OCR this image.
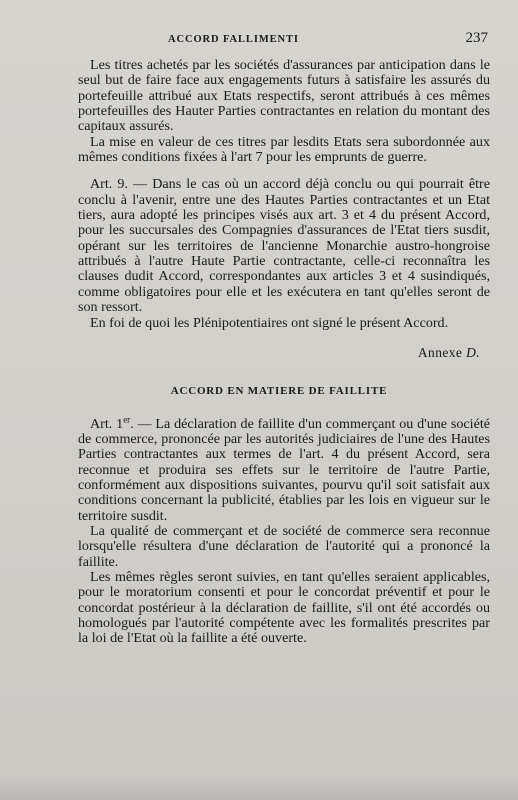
ACCORD FALLIMENTI	237

Les titres achetés par les sociétés d'assurances par anticipation dans le seul but de faire face aux engagements futurs à satisfaire les assurés du portefeuille attribué aux Etats respectifs, seront attribués à ces mêmes portefeuilles des Hauter Parties contractantes en relation du montant des capitaux assurés.

La mise en valeur de ces titres par lesdits Etats sera subordonnée aux mêmes conditions fixées à l'art 7 pour les emprunts de guerre.

Art. 9. — Dans le cas où un accord déjà conclu ou qui pourrait être conclu à l'avenir, entre une des Hautes Parties contractantes et un Etat tiers, aura adopté les principes visés aux art. 3 et 4 du présent Accord, pour les succursales des Compagnies d'assurances de l'Etat tiers susdit, opérant sur les territoires de l'ancienne Monarchie austro-hongroise attribués à l'autre Haute Partie contractante, celle-ci reconnaîtra les clauses dudit Accord, correspondantes aux articles 3 et 4 susindiqués, comme obligatoires pour elle et les exécutera en tant qu'elles seront de son ressort.

En foi de quoi les Plénipotentiaires ont signé le présent Accord.

Annexe D.
ACCORD EN MATIERE DE FAILLITE

Art. 1er. — La déclaration de faillite d'un commerçant ou d'une société de commerce, prononcée par les autorités judiciaires de l'une des Hautes Parties contractantes aux termes de l'art. 4 du présent Accord, sera reconnue et produira ses effets sur le territoire de l'autre Partie, conformément aux dispositions suivantes, pourvu qu'il soit satisfait aux conditions concernant la publicité, établies par les lois en vigueur sur le territoire susdit.

La qualité de commerçant et de société de commerce sera reconnue lorsqu'elle résultera d'une déclaration de l'autorité qui a prononcé la faillite.

Les mêmes règles seront suivies, en tant qu'elles seraient applicables, pour le moratorium consenti et pour le concordat préventif et pour le concordat postérieur à la déclaration de faillite, s'il ont été accordés ou homologués par l'autorité compétente avec les formalités prescrites par la loi de l'Etat où la faillite a été ouverte.
